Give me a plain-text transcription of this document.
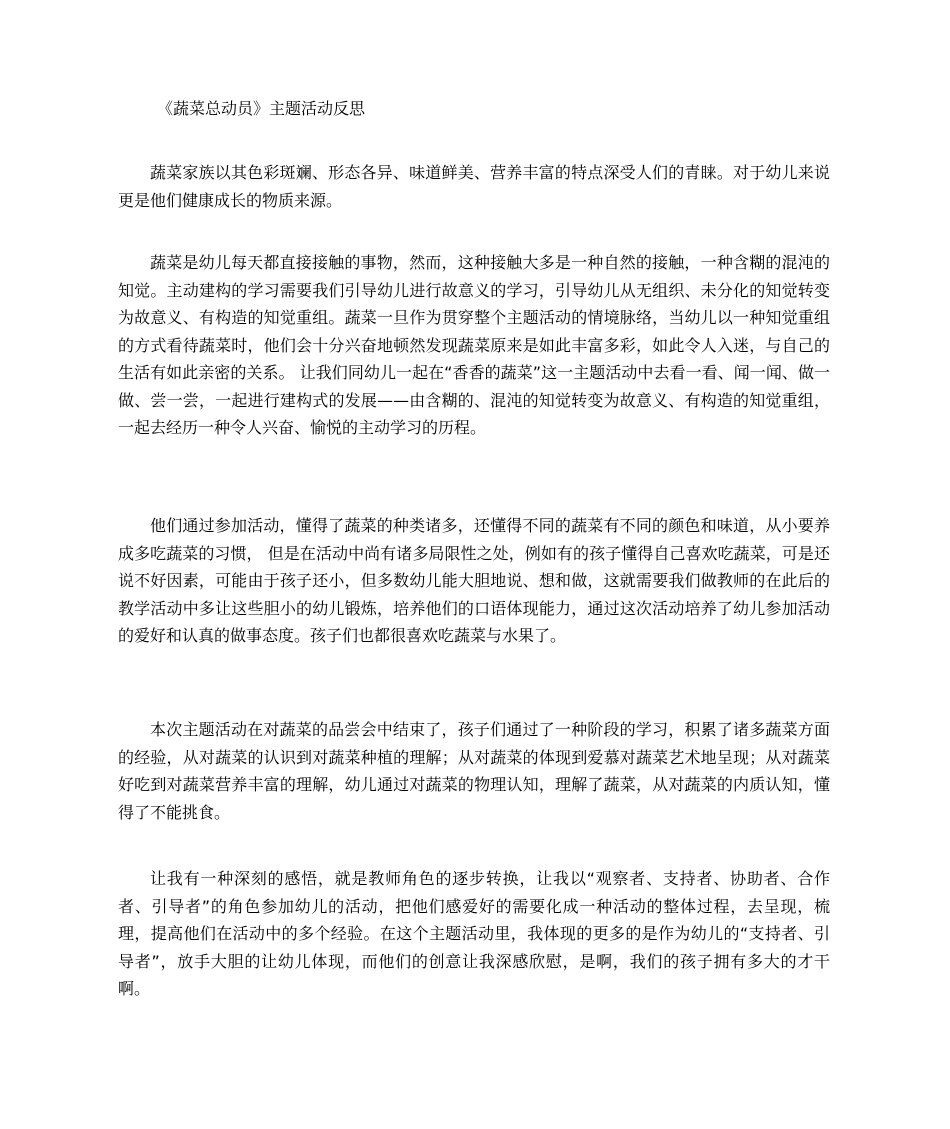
《蔬菜总动员》主题活动反思

蔬菜家族以其色彩斑斓、形态各异、味道鲜美、营养丰富的特点深受人们的青睐。对于幼儿来说更是他们健康成长的物质来源。

蔬菜是幼儿每天都直接接触的事物，然而，这种接触大多是一种自然的接触，一种含糊的混沌的知觉。主动建构的学习需要我们引导幼儿进行故意义的学习，引导幼儿从无组织、未分化的知觉转变为故意义、有构造的知觉重组。蔬菜一旦作为贯穿整个主题活动的情境脉络，当幼儿以一种知觉重组的方式看待蔬菜时，他们会十分兴奋地顿然发现蔬菜原来是如此丰富多彩，如此令人入迷，与自己的生活有如此亲密的关系。 让我们同幼儿一起在“香香的蔬菜”这一主题活动中去看一看、闻一闻、做一做、尝一尝，一起进行建构式的发展——由含糊的、混沌的知觉转变为故意义、有构造的知觉重组，一起去经历一种令人兴奋、愉悦的主动学习的历程。

他们通过参加活动，懂得了蔬菜的种类诸多，还懂得不同的蔬菜有不同的颜色和味道，从小要养成多吃蔬菜的习惯， 但是在活动中尚有诸多局限性之处，例如有的孩子懂得自己喜欢吃蔬菜，可是还说不好因素，可能由于孩子还小，但多数幼儿能大胆地说、想和做，这就需要我们做教师的在此后的教学活动中多让这些胆小的幼儿锻炼，培养他们的口语体现能力，通过这次活动培养了幼儿参加活动的爱好和认真的做事态度。孩子们也都很喜欢吃蔬菜与水果了。

本次主题活动在对蔬菜的品尝会中结束了，孩子们通过了一种阶段的学习，积累了诸多蔬菜方面的经验，从对蔬菜的认识到对蔬菜种植的理解；从对蔬菜的体现到爱慕对蔬菜艺术地呈现；从对蔬菜好吃到对蔬菜营养丰富的理解，幼儿通过对蔬菜的物理认知，理解了蔬菜，从对蔬菜的内质认知，懂得了不能挑食。

让我有一种深刻的感悟，就是教师角色的逐步转换，让我以“观察者、支持者、协助者、合作者、引导者”的角色参加幼儿的活动，把他们感爱好的需要化成一种活动的整体过程，去呈现，梳理，提高他们在活动中的多个经验。在这个主题活动里，我体现的更多的是作为幼儿的“支持者、引导者”，放手大胆的让幼儿体现，而他们的创意让我深感欣慰，是啊，我们的孩子拥有多大的才干啊。
